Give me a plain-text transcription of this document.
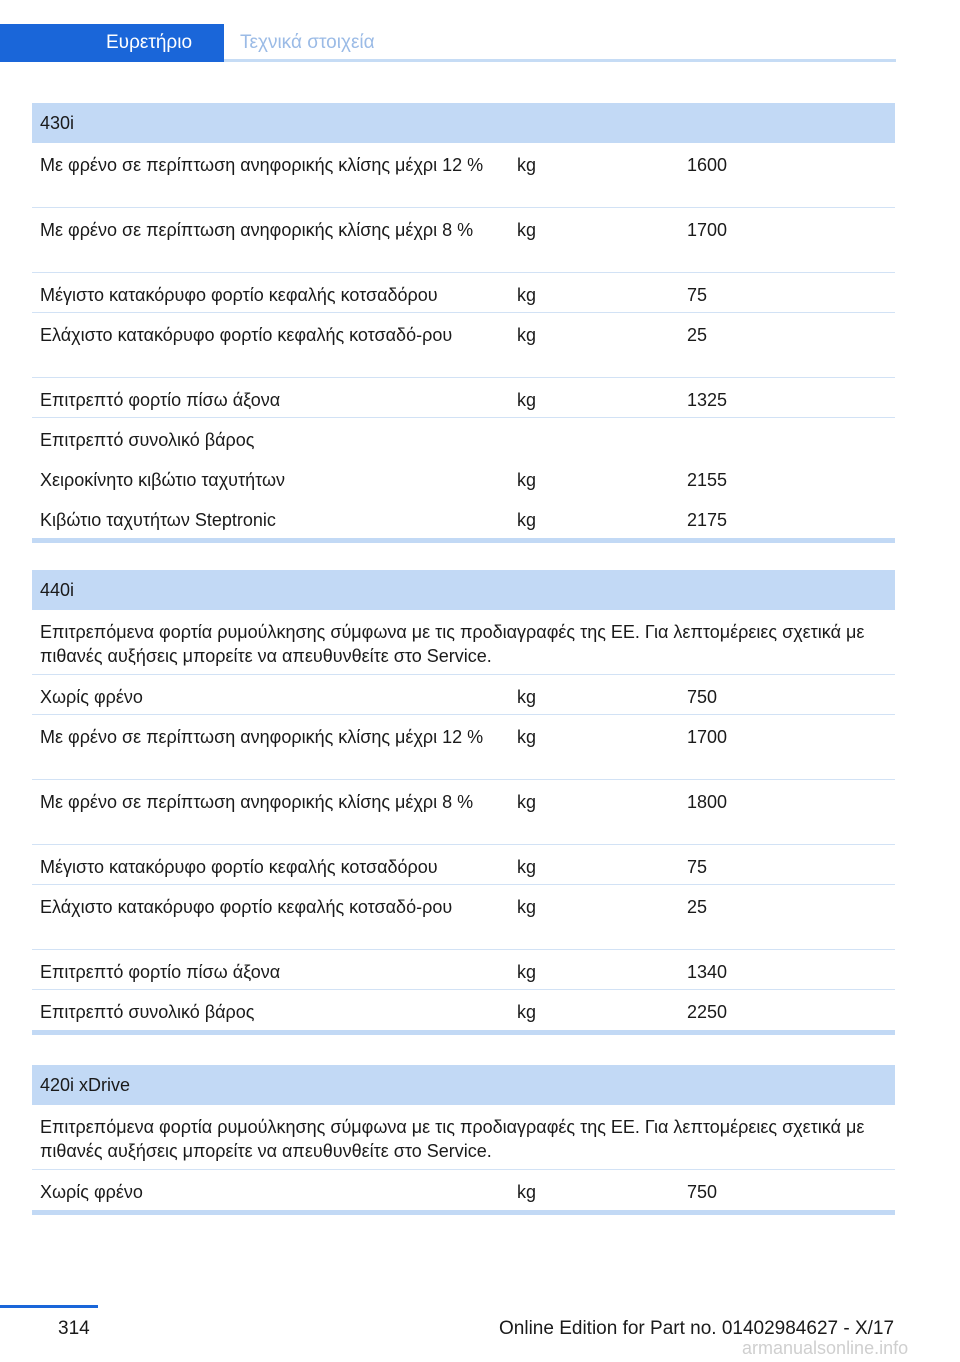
Ευρετήριο	Τεχνικά στοιχεία
430i
Με φρένο σε περίπτωση ανηφορικής κλίσης μέχρι 12 %	kg	1600
Με φρένο σε περίπτωση ανηφορικής κλίσης μέχρι 8 %	kg	1700
Μέγιστο κατακόρυφο φορτίο κεφαλής κοτσαδόρου	kg	75
Ελάχιστο κατακόρυφο φορτίο κεφαλής κοτσαδό-ρου	kg	25
Επιτρεπτό φορτίο πίσω άξονα	kg	1325
Επιτρεπτό συνολικό βάρος
Χειροκίνητο κιβώτιο ταχυτήτων	kg	2155
Κιβώτιο ταχυτήτων Steptronic	kg	2175
440i
Επιτρεπόμενα φορτία ρυμούλκησης σύμφωνα με τις προδιαγραφές της ΕΕ. Για λεπτομέρειες σχετικά με πιθανές αυξήσεις μπορείτε να απευθυνθείτε στο Service.
Χωρίς φρένο	kg	750
Με φρένο σε περίπτωση ανηφορικής κλίσης μέχρι 12 %	kg	1700
Με φρένο σε περίπτωση ανηφορικής κλίσης μέχρι 8 %	kg	1800
Μέγιστο κατακόρυφο φορτίο κεφαλής κοτσαδόρου	kg	75
Ελάχιστο κατακόρυφο φορτίο κεφαλής κοτσαδό-ρου	kg	25
Επιτρεπτό φορτίο πίσω άξονα	kg	1340
Επιτρεπτό συνολικό βάρος	kg	2250
420i xDrive
Επιτρεπόμενα φορτία ρυμούλκησης σύμφωνα με τις προδιαγραφές της ΕΕ. Για λεπτομέρειες σχετικά με πιθανές αυξήσεις μπορείτε να απευθυνθείτε στο Service.
Χωρίς φρένο	kg	750
314	Online Edition for Part no. 01402984627 - X/17
armanualsonline.info
